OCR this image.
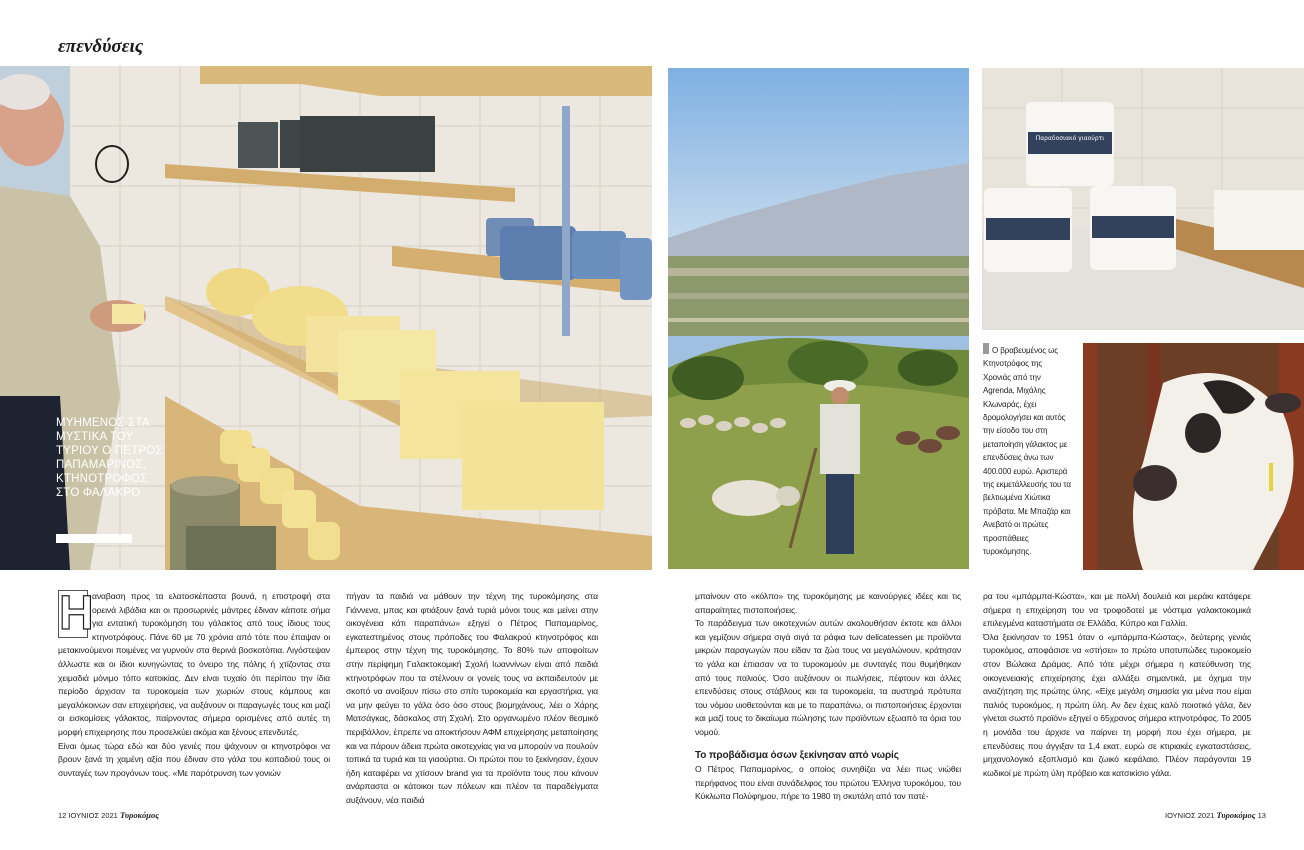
επενδύσεις
ΜΥΗΜΕΝΟΣ ΣΤΑ ΜΥΣΤΙΚΑ ΤΟΥ ΤΥΡΙΟΥ Ο ΠΕΤΡΟΣ ΠΑΠΑΜΑΡΙΝΟΣ, ΚΤΗΝΟΤΡΟΦΟΣ ΣΤΟ ΦΑΛΑΚΡΟ
Παραδοσιακό γιαούρτι
Ο βραβευμένος ως Κτηνοτρόφος της Χρονιάς από την Agrenda, Μιχάλης Κλωναράς, έχει δρομολογήσει και αυτός την είσοδο του στη μεταποίηση γάλακτος με επενδύσεις άνω των 400.000 ευρώ. Αριστερά της εκμετάλλευσής του τα βελτιωμένα Χιώτικα πρόβατα. Με Μπαζάρ και Ανεβατό οι πρώτες προσπάθειες τυροκόμησης.
Η

αναβαση προς τα ελατοσκέπαστα βουνά, η επιστροφή στα ορεινά λιβάδια και οι προσωρινές μάντρες έδιναν κάποτε σήμα για εντατική τυροκόμηση του γάλακτος από τους ίδιους τους κτηνοτρόφους. Πάνε 60 με 70 χρόνια από τότε που έπαψαν οι μετακινούμενοι ποιμένες να γυρνούν στα θερινά βοσκοτόπια. Λιγόστεψαν άλλωστε και οι ίδιοι κυνηγώντας το όνειρο της πόλης ή χτίζοντας στα χειμαδιά μόνιμο τόπο κατοικίας. Δεν είναι τυχαίο ότι περίπου την ίδια περίοδο άρχισαν τα τυροκομεία των χωριών στους κάμπους και μεγαλόκοινων σαν επιχειρήσεις, να αυξάνουν οι παραγωγές τους και μαζί οι εισκομίσεις γάλακτος, παίρνοντας σήμερα ορισμένες από αυτές τη μορφή επιχειρησης που προσελκύει ακόμα και ξένους επενδυτές.

Είναι όμως τώρα εδώ και δύο γενιές που ψάχνουν οι κτηνοτρόφοι να βρουν ξανά τη χαμένη αξία που έδιναν στο γάλα του κοπαδιού τους οι συνταγές των προγόνων τους. «Με παρότρυνση των γονιών

πήγαν τα παιδιά να μάθουν την τέχνη της τυροκόμησης στα Γιάννενα, μπας και φτιάξουν ξανά τυριά μόνοι τους και μείνει στην οικογένεια κάτι παραπάνω» εξηγεί ο Πέτρος Παπαμαρίνος, εγκατεστημένος στους πρόποδες του Φαλακρού κτηνοτρόφος και έμπειρος στην τέχνη της τυροκόμησης. Το 80% των αποφοίτων στην περίφημη Γαλακτοκομική Σχολή Ιωαννίνων είναι από παιδιά κτηνοτρόφων που τα στέλνουν οι γονείς τους να εκπαιδευτούν με σκοπό να ανοίξουν πίσω στο σπίτι τυροκομεία και εργαστήρια, για να μην φεύγει το γάλα όσο όσο στους βιομηχάνους, λέει ο Χάρης Ματσάγκας, δάσκαλος στη Σχολή. Στο οργανωμένο πλέον θεσμικό περιβάλλον, έπρεπε να αποκτήσουν ΑΦΜ επιχείρησης μεταποίησης και να πάρουν άδεια πρώτα οικοτεχνίας για να μπορούν να πουλούν τοπικά τα τυριά και τα γιαούρτια. Οι πρώτοι που το ξεκίνησαν, έχουν ήδη καταφέρει να χτίσουν brand για τα προϊόντα τους που κάνουν ανάρπαστα οι κάτοικοι των πόλεων και πλέον τα παραδείγματα αυξάνουν, νέα παιδιά

μπαίνουν στο «κόλπο» της τυροκόμησης με καινούργιες ιδέες και τις απαραίτητες πιστοποιήσεις.

Το παράδειγμα των οικοτεχνιών αυτών ακολουθήσαν έκτοτε και άλλοι και γεμίζουν σήμερα σιγά σιγά τα ράφια των delicatessen με προϊόντα μικρών παραγωγών που είδαν τα ζώα τους να μεγαλώνουν, κράτησαν το γάλα και έπιασαν να το τυροκομούν με συνταγές που θυμήθηκαν από τους παλιούς. Όσο αυξάνουν οι πωλήσεις, πέφτουν και άλλες επενδύσεις στους στάβλους και τα τυροκομεία, τα αυστηρά πρότυπα του νόμου υιοθετούνται και με το παραπάνω, οι πιστοποιήσεις έρχονται και μαζί τους το δικαίωμα πώλησης των προϊόντων εξωαπό τα όρια του νομού.

Το προβάδισμα όσων ξεκίνησαν από νωρίς

Ο Πέτρος Παπαμαρίνος, ο οποίος συνηθίζει να λέει πως νιώθει περήφανος που είναι συνάδελφος του πρώτου Έλληνα τυροκόμου, του Κύκλωπα Πολύφημου, πήρε το 1980 τη σκυτάλη από τον πατέ-

ρα του «μπάρμπα-Κώστα», και με πολλή δουλειά και μεράκι κατάφερε σήμερα η επιχείρηση του να τροφοδοτεί με νόστιμα γαλακτοκομικά επιλεγμένα καταστήματα σε Ελλάδα, Κύπρο και Γαλλία.

Όλα ξεκίνησαν το 1951 όταν ο «μπάρμπα-Κώστας», δεύτερης γενιάς τυροκόμος, αποφάσισε να «στήσει» το πρώτο υποτυπώδες τυροκομείο στον Βώλακα Δράμας. Από τότε μέχρι σήμερα η κατεύθυνση της οικογενειακής επιχείρησης έχει αλλάξει σημαντικά, με όχημα την αναζήτηση της πρώτης ύλης. «Είχε μεγάλη σημασία για μένα που είμαι παλιός τυροκόμος, η πρώτη ύλη. Αν δεν έχεις καλό ποιοτικό γάλα, δεν γίνεται σωστό προϊόν» εξηγεί ο 65χρονος σήμερα κτηνοτρόφος. Το 2005 η μονάδα του άρχισε να παίρνει τη μορφή που έχει σήμερα, με επενδύσεις που άγγιξαν τα 1,4 εκατ. ευρώ σε κτιριακές εγκαταστάσεις, μηχανολογικό εξοπλισμό και ζωικό κεφάλαιο. Πλέον παράγονται 19 κωδικοί με πρώτη ύλη πρόβειο και κατσικίσιο γάλα.

12 ΙΟΥΝΙΟΣ 2021 Τυροκόμος	ΙΟΥΝΙΟΣ 2021 Τυροκόμος 13
